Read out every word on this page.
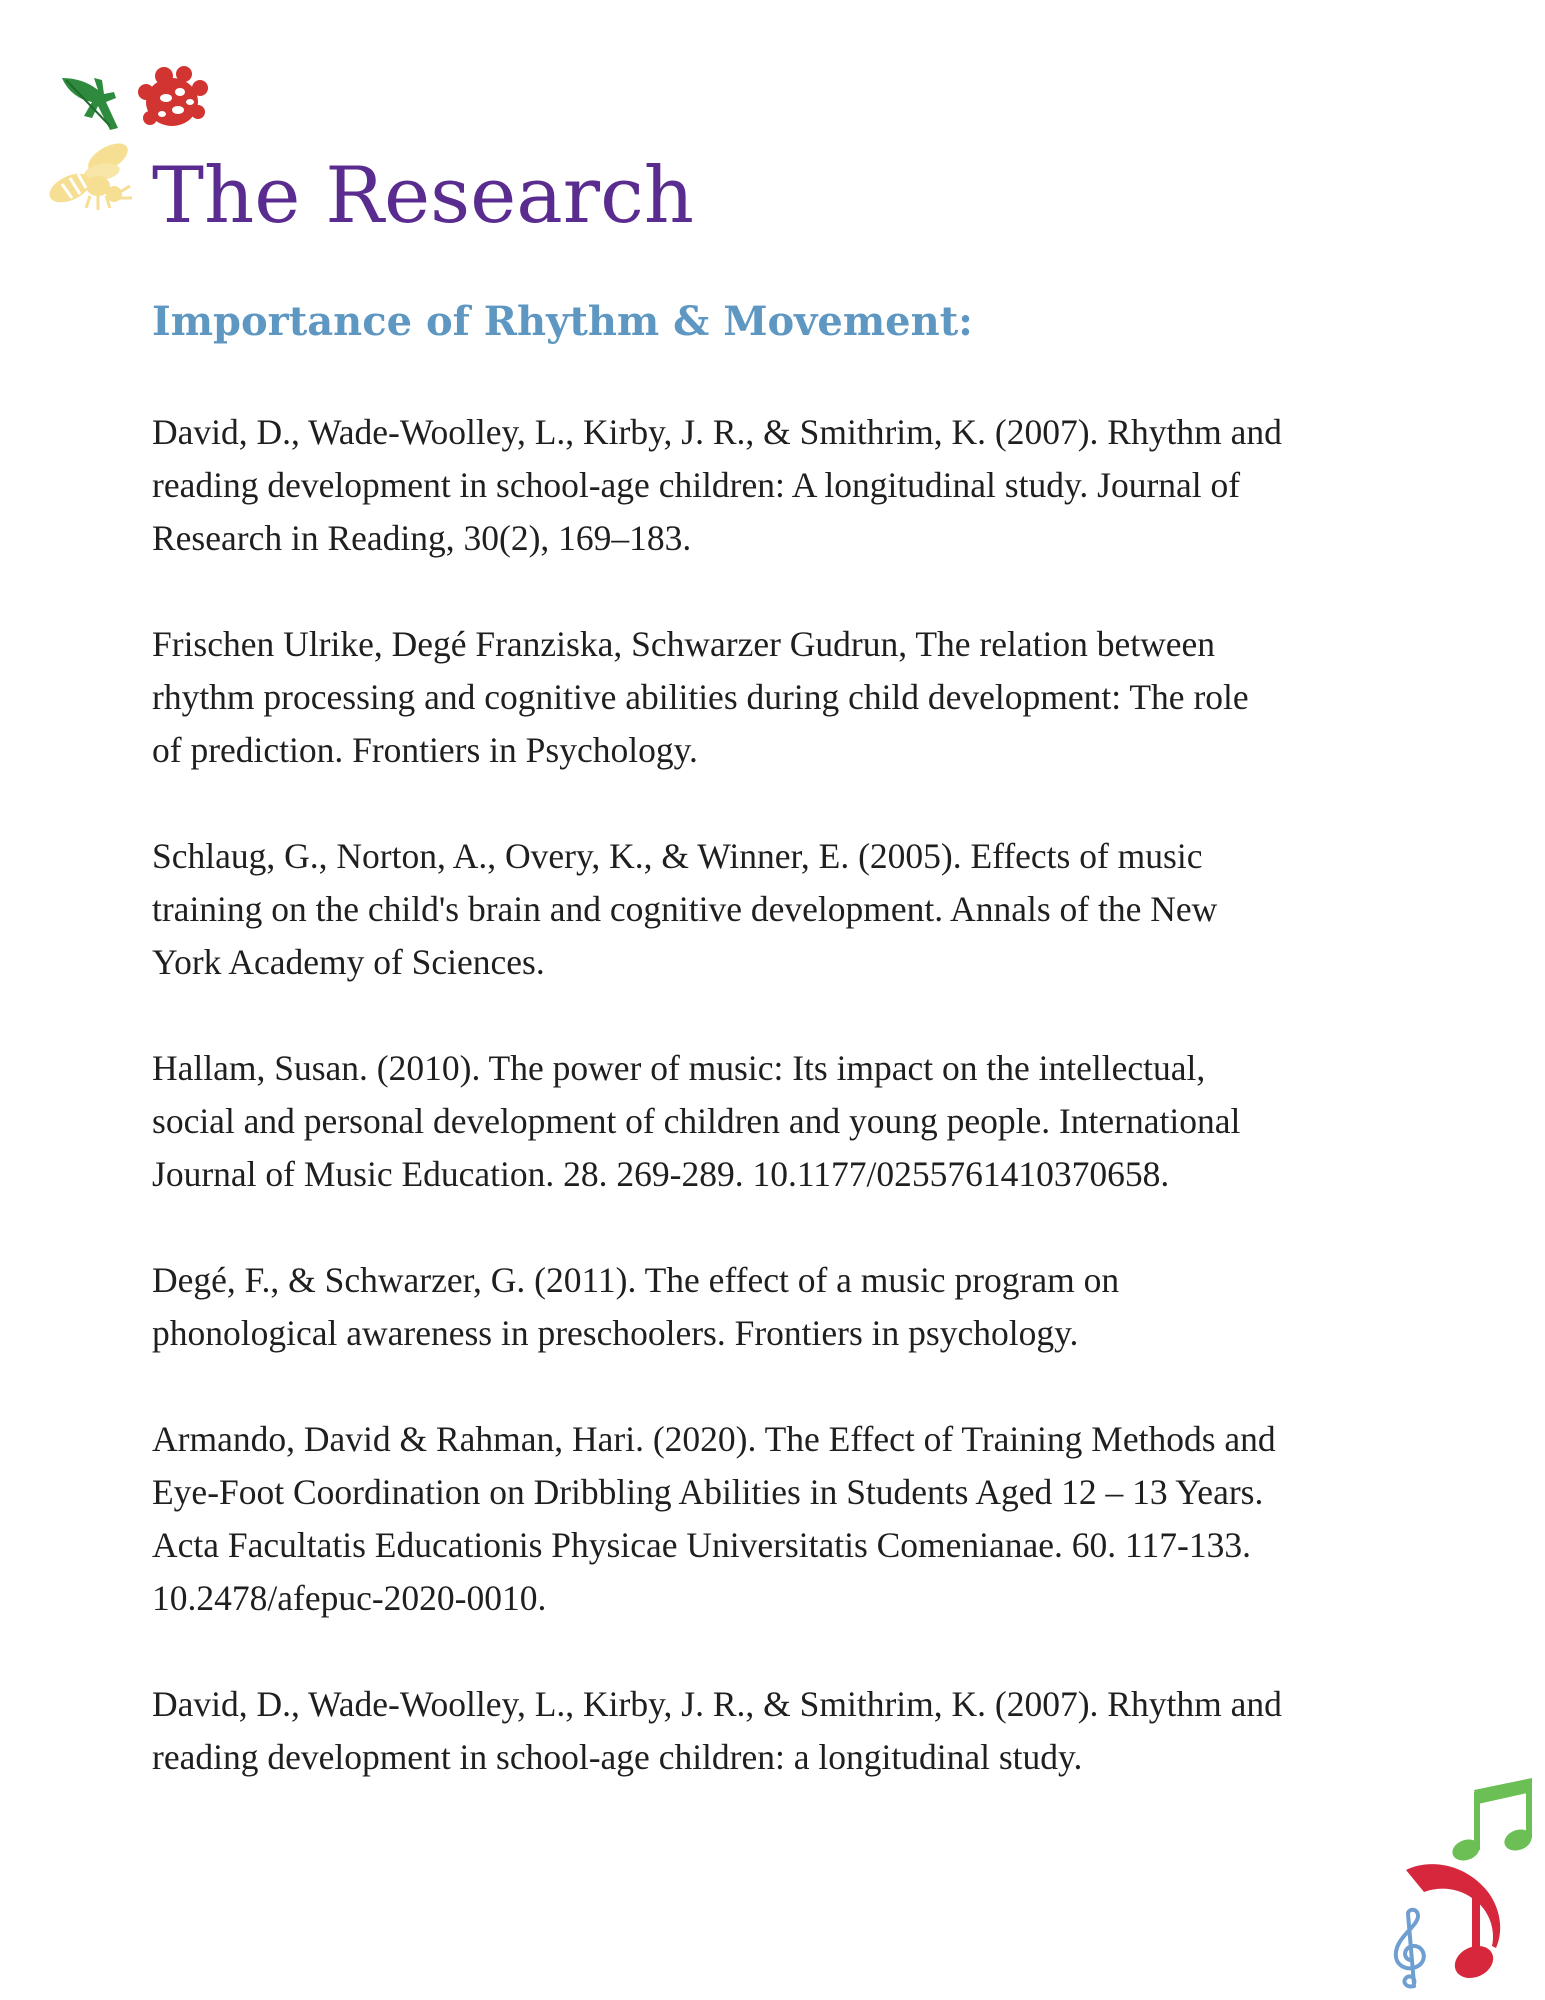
The Research
Importance of Rhythm & Movement:

David, D., Wade-Woolley, L., Kirby, J. R., & Smithrim, K. (2007). Rhythm and
reading development in school-age children: A longitudinal study. Journal of
Research in Reading, 30(2), 169–183.

Frischen Ulrike, Degé Franziska, Schwarzer Gudrun, The relation between
rhythm processing and cognitive abilities during child development: The role
of prediction. Frontiers in Psychology.

Schlaug, G., Norton, A., Overy, K., & Winner, E. (2005). Effects of music
training on the child's brain and cognitive development. Annals of the New
York Academy of Sciences.

Hallam, Susan. (2010). The power of music: Its impact on the intellectual,
social and personal development of children and young people. International
Journal of Music Education. 28. 269-289. 10.1177/0255761410370658.

Degé, F., & Schwarzer, G. (2011). The effect of a music program on
phonological awareness in preschoolers. Frontiers in psychology.

Armando, David & Rahman, Hari. (2020). The Effect of Training Methods and
Eye-Foot Coordination on Dribbling Abilities in Students Aged 12 – 13 Years.
Acta Facultatis Educationis Physicae Universitatis Comenianae. 60. 117-133.
10.2478/afepuc-2020-0010.

David, D., Wade-Woolley, L., Kirby, J. R., & Smithrim, K. (2007). Rhythm and
reading development in school-age children: a longitudinal study.
